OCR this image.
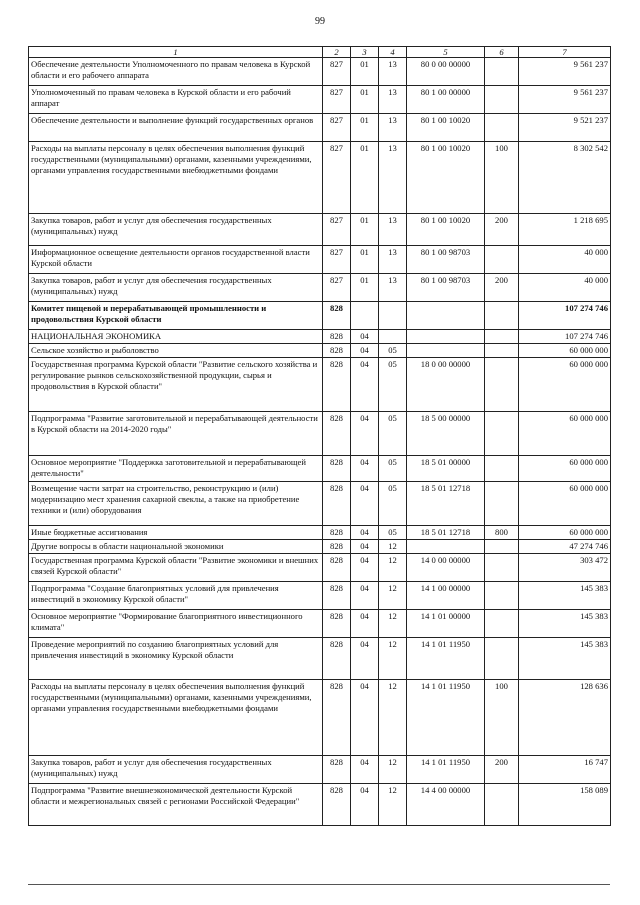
99
1	2	3	4	5	6	7
Обеспечение деятельности Уполномоченного по правам человека в Курской области и его рабочего аппарата	827	01	13	80 0 00 00000		9 561 237
Уполномоченный по правам человека в Курской области и его рабочий аппарат	827	01	13	80 1 00 00000		9 561 237
Обеспечение деятельности и выполнение функций государственных органов	827	01	13	80 1 00 10020		9 521 237
Расходы на выплаты персоналу в целях обеспечения выполнения функций государственными (муниципальными) органами, казенными учреждениями, органами управления государственными внебюджетными фондами	827	01	13	80 1 00 10020	100	8 302 542
Закупка товаров, работ и услуг для обеспечения государственных (муниципальных) нужд	827	01	13	80 1 00 10020	200	1 218 695
Информационное освещение деятельности органов государственной власти Курской области	827	01	13	80 1 00 98703		40 000
Закупка товаров, работ и услуг для обеспечения государственных (муниципальных) нужд	827	01	13	80 1 00 98703	200	40 000
Комитет пищевой и перерабатывающей промышленности и продовольствия Курской области	828					107 274 746
НАЦИОНАЛЬНАЯ ЭКОНОМИКА	828	04				107 274 746
Сельское хозяйство и рыболовство	828	04	05			60 000 000
Государственная программа Курской области "Развитие сельского хозяйства и регулирование рынков сельскохозяйственной продукции, сырья и продовольствия в Курской области"	828	04	05	18 0 00 00000		60 000 000
Подпрограмма "Развитие заготовительной и перерабатывающей деятельности в Курской области на 2014-2020 годы"	828	04	05	18 5 00 00000		60 000 000
Основное мероприятие "Поддержка заготовительной и перерабатывающей деятельности"	828	04	05	18 5 01 00000		60 000 000
Возмещение части затрат на строительство, реконструкцию и (или) модернизацию мест хранения сахарной свеклы, а также на приобретение техники и (или) оборудования	828	04	05	18 5 01 12718		60 000 000
Иные бюджетные ассигнования	828	04	05	18 5 01 12718	800	60 000 000
Другие вопросы в области национальной экономики	828	04	12			47 274 746
Государственная программа Курской области "Развитие экономики и внешних связей Курской области"	828	04	12	14 0 00 00000		303 472
Подпрограмма "Создание благоприятных условий для привлечения инвестиций в экономику Курской области"	828	04	12	14 1 00 00000		145 383
Основное мероприятие "Формирование благоприятного инвестиционного климата"	828	04	12	14 1 01 00000		145 383
Проведение мероприятий по созданию благоприятных условий для привлечения инвестиций в экономику Курской области	828	04	12	14 1 01 11950		145 383
Расходы на выплаты персоналу в целях обеспечения выполнения функций государственными (муниципальными) органами, казенными учреждениями, органами управления государственными внебюджетными фондами	828	04	12	14 1 01 11950	100	128 636
Закупка товаров, работ и услуг для обеспечения государственных (муниципальных) нужд	828	04	12	14 1 01 11950	200	16 747
Подпрограмма "Развитие внешнеэкономической деятельности Курской области и межрегиональных связей с регионами Российской Федерации"	828	04	12	14 4 00 00000		158 089
